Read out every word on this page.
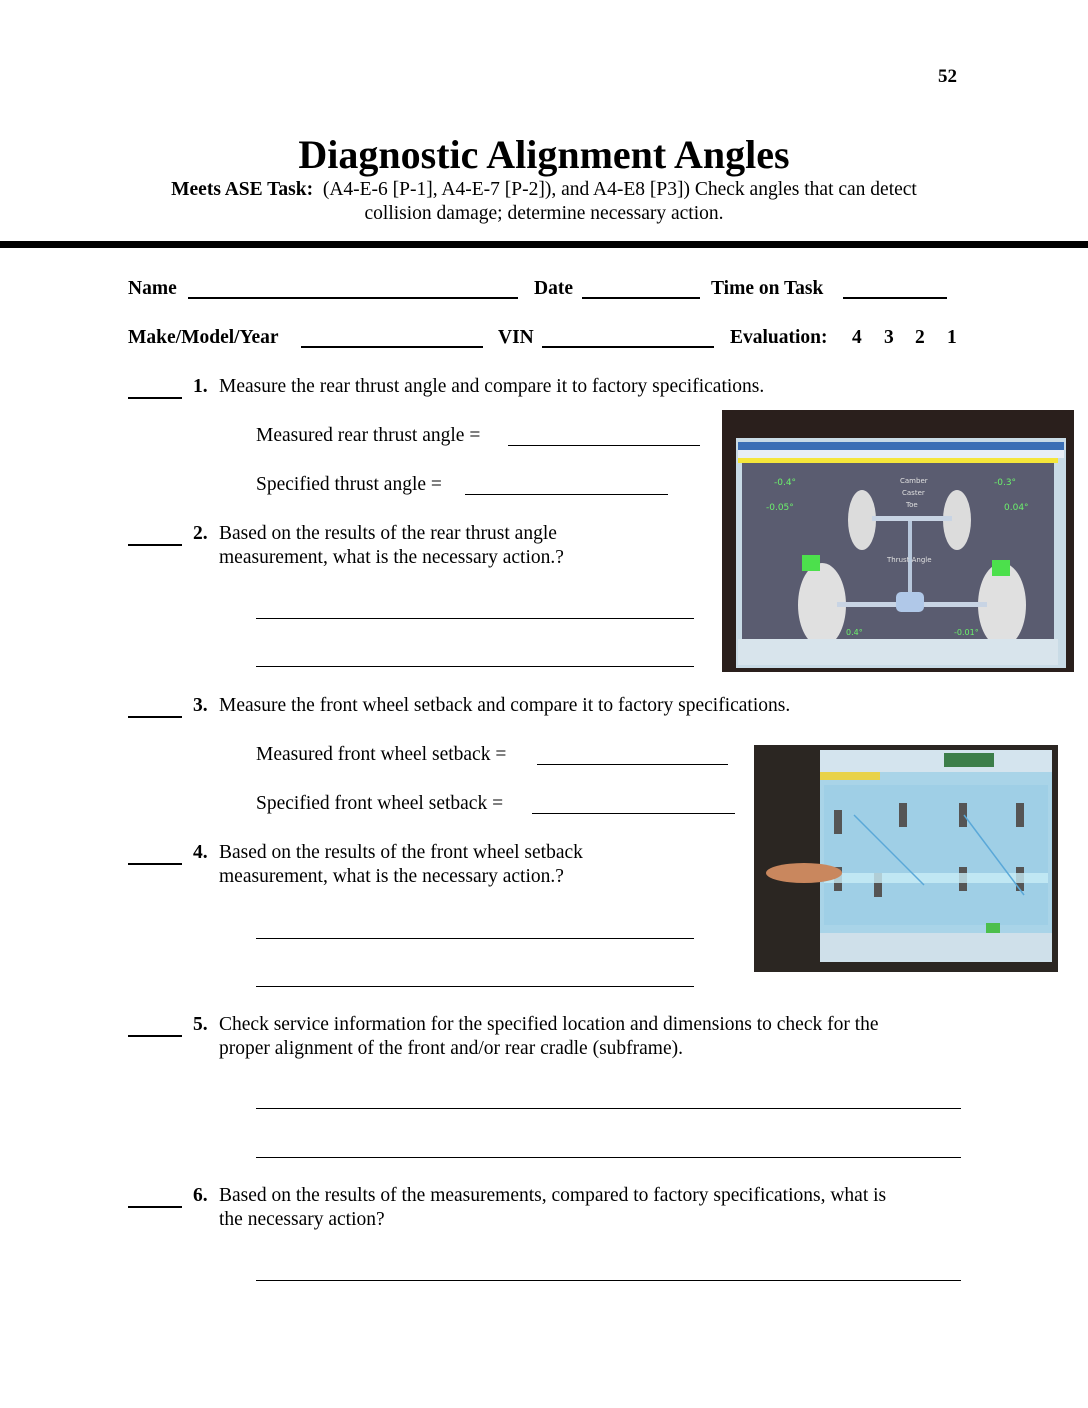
52
Diagnostic Alignment Angles
Meets ASE Task: (A4-E-6 [P-1], A4-E-7 [P-2]), and A4-E8 [P3]) Check angles that can detect
collision damage; determine necessary action.
Name	Date	Time on Task
Make/Model/Year	VIN	Evaluation: 4 3 2 1
1. Measure the rear thrust angle and compare it to factory specifications.
Measured rear thrust angle =
Specified thrust angle =
2. Based on the results of the rear thrust angle
measurement, what is the necessary action.?
-0.4°	-0.3°
-0.05°	0.04°
0.4°	-0.01°
Camber
Caster
Toe
Thrust Angle
3. Measure the front wheel setback and compare it to factory specifications.
Measured front wheel setback =
Specified front wheel setback =
4. Based on the results of the front wheel setback
measurement, what is the necessary action.?
5. Check service information for the specified location and dimensions to check for the
proper alignment of the front and/or rear cradle (subframe).
6. Based on the results of the measurements, compared to factory specifications, what is
the necessary action?
